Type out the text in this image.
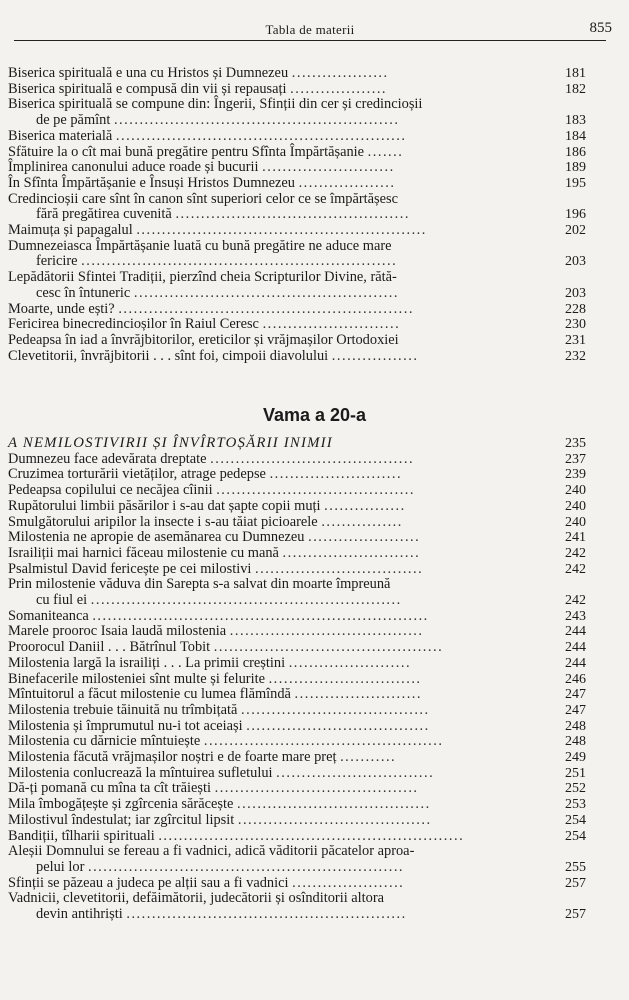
Tabla de materii	855
Biserica spirituală e una cu Hristos și Dumnezeu ...................	181
Biserica spirituală e compusă din vii și repausați ...................	182
Biserica spirituală se compune din: Îngerii, Sfinții din cer și credincioșii
de pe pămînt ........................................................	183
Biserica materială .........................................................	184
Sfătuire la o cît mai bună pregătire pentru Sfînta Împărtășanie .......	186
Împlinirea canonului aduce roade și bucurii ..........................	189
În Sfînta Împărtășanie e Însuși Hristos Dumnezeu ...................	195
Credincioșii care sînt în canon sînt superiori celor ce se împărtășesc
fără pregătirea cuvenită ..............................................	196
Maimuța și papagalul .........................................................	202
Dumnezeiasca Împărtășanie luată cu bună pregătire ne aduce mare
fericire ..............................................................	203
Lepădătorii Sfintei Tradiții, pierzînd cheia Scripturilor Divine, rătă-
cesc în întuneric ....................................................	203
Moarte, unde ești? ..........................................................	228
Fericirea binecredincioșilor în Raiul Ceresc ...........................	230
Pedeapsa în iad a învrăjbitorilor, ereticilor și vrăjmașilor Ortodoxiei	231
Clevetitorii, învrăjbitorii . . . sînt foi, cimpoii diavolului .................	232
Vama a 20-a
A NEMILOSTIVIRII ȘI ÎNVÎRTOȘĂRII INIMII	235
Dumnezeu face adevărata dreptate ........................................	237
Cruzimea torturării vietăților, atrage pedepse ..........................	239
Pedeapsa copilului ce necăjea cîinii .......................................	240
Rupătorului limbii păsărilor i s-au dat șapte copii muți ................	240
Smulgătorului aripilor la insecte i s-au tăiat picioarele ................	240
Milostenia ne apropie de asemănarea cu Dumnezeu ......................	241
Israiliții mai harnici făceau milostenie cu mană ...........................	242
Psalmistul David fericește pe cei milostivi .................................	242
Prin milostenie văduva din Sarepta s-a salvat din moarte împreună
cu fiul ei .............................................................	242
Somaniteanca ..................................................................	243
Marele prooroc Isaia laudă milostenia ......................................	244
Proorocul Daniil . . . Bătrînul Tobit .............................................	244
Milostenia largă la israiliți . . . La primii creștini ........................	244
Binefacerile milosteniei sînt multe și felurite ..............................	246
Mîntuitorul a făcut milostenie cu lumea flămîndă .........................	247
Milostenia trebuie tăinuită nu trîmbițată .....................................	247
Milostenia și împrumutul nu-i tot aceiași ....................................	248
Milostenia cu dărnicie mîntuiește ...............................................	248
Milostenia făcută vrăjmașilor noștri e de foarte mare preț ...........	249
Milostenia conlucrează la mîntuirea sufletului ...............................	251
Dă-ți pomană cu mîna ta cît trăiești ........................................	252
Mila îmbogățește și zgîrcenia sărăcește ......................................	253
Milostivul îndestulat; iar zgîrcitul lipsit ......................................	254
Bandiții, tîlharii spirituali ............................................................	254
Aleșii Domnului se fereau a fi vadnici, adică văditorii păcatelor aproa-
pelui lor ..............................................................	255
Sfinții se păzeau a judeca pe alții sau a fi vadnici ......................	257
Vadnicii, clevetitorii, defăimătorii, judecătorii și osînditorii altora
devin antihriști .......................................................	257
